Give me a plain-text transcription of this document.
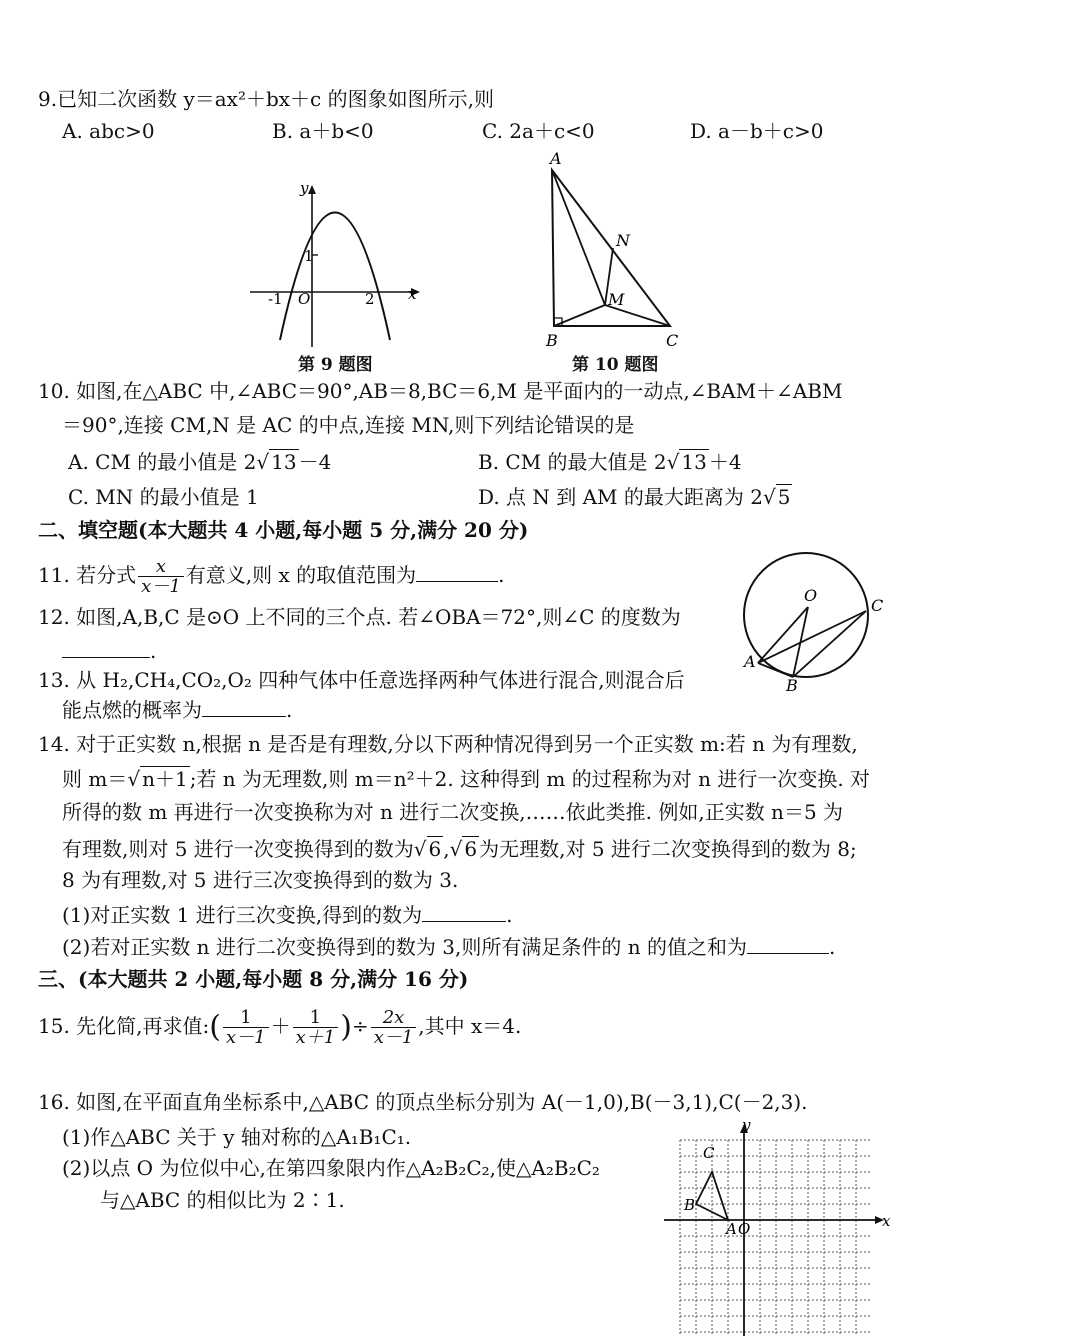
9.已知二次函数 y＝ax²＋bx＋c 的图象如图所示,则
A. abc>0	B. a＋b<0	C. 2a＋c<0	D. a－b＋c>0
y
1
-1 O	2 x
第 9 题图
A
N
M
B	C
第 10 题图
10. 如图,在△ABC 中,∠ABC＝90°,AB＝8,BC＝6,M 是平面内的一动点,∠BAM＋∠ABM
＝90°,连接 CM,N 是 AC 的中点,连接 MN,则下列结论错误的是
A. CM 的最小值是 2√ 13 －4	B. CM 的最大值是 2√ 13 ＋4
C. MN 的最小值是 1	D. 点 N 到 AM 的最大距离为 2√ 5
二、填空题(本大题共 4 小题,每小题 5 分,满分 20 分)
11. 若分式 $\frac{x}{x-1}$ 有意义,则 x 的取值范围为	.
12. 如图,A,B,C 是⊙O 上不同的三个点. 若∠OBA＝72°,则∠C 的度数为
.
O
C
A
B
13. 从 H₂,CH₄,CO₂,O₂ 四种气体中任意选择两种气体进行混合,则混合后
能点燃的概率为	.
14. 对于正实数 n,根据 n 是否是有理数,分以下两种情况得到另一个正实数 m:若 n 为有理数,
则 m＝√ n＋1 ;若 n 为无理数,则 m＝n²＋2. 这种得到 m 的过程称为对 n 进行一次变换. 对
所得的数 m 再进行一次变换称为对 n 进行二次变换,……依此类推. 例如,正实数 n＝5 为
有理数,则对 5 进行一次变换得到的数为√ 6 ,√ 6 为无理数,对 5 进行二次变换得到的数为 8;
8 为有理数,对 5 进行三次变换得到的数为 3.
(1)对正实数 1 进行三次变换,得到的数为	.
(2)若对正实数 n 进行二次变换得到的数为 3,则所有满足条件的 n 的值之和为	.
三、(本大题共 2 小题,每小题 8 分,满分 16 分)
15. 先化简,再求值:( $\frac{1}{x-1} + \frac{1}{x+1}$ )÷ $\frac{2x}{x-1}$ ,其中 x＝4.
16. 如图,在平面直角坐标系中,△ABC 的顶点坐标分别为 A(－1,0),B(－3,1),C(－2,3).
(1)作△ABC 关于 y 轴对称的△A₁B₁C₁.
(2)以点 O 为位似中心,在第四象限内作△A₂B₂C₂,使△A₂B₂C₂
与△ABC 的相似比为 2∶1.
y
C
B
A O	x
